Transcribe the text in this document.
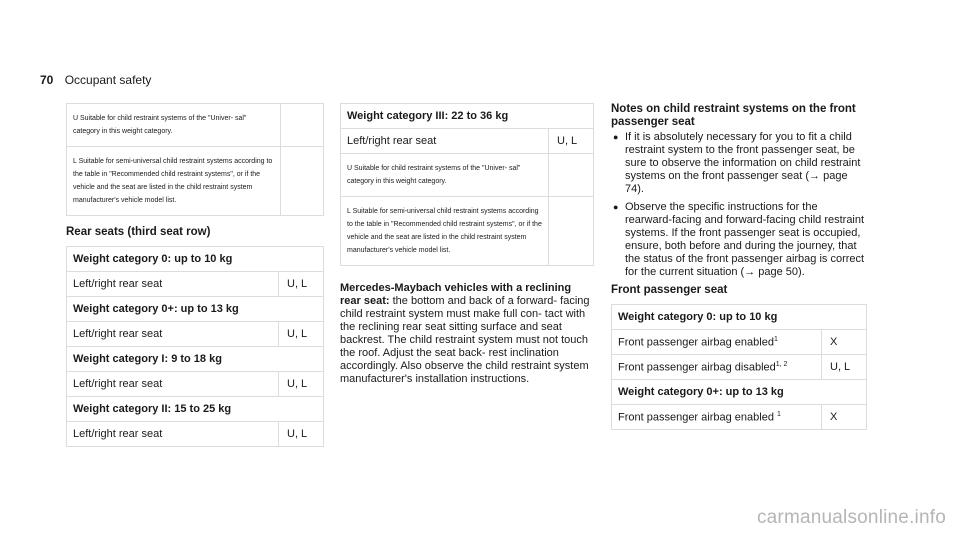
70 Occupant safety
U Suitable for child restraint systems of the "Univer- sal" category in this weight category.	
L Suitable for semi-universal child restraint systems according to the table in "Recommended child restraint systems", or if the vehicle and the seat are listed in the child restraint system manufacturer's vehicle model list.	

Rear seats (third seat row)

Weight category 0: up to 10 kg	
Left/right rear seat	U, L
Weight category 0+: up to 13 kg	
Left/right rear seat	U, L
Weight category I: 9 to 18 kg	
Left/right rear seat	U, L
Weight category II: 15 to 25 kg	
Left/right rear seat	U, L
Weight category III: 22 to 36 kg	
Left/right rear seat	U, L
U Suitable for child restraint systems of the "Univer- sal" category in this weight category.	
L Suitable for semi-universal child restraint systems according to the table in "Recommended child restraint systems", or if the vehicle and the seat are listed in the child restraint system manufacturer's vehicle model list.	

Mercedes-Maybach vehicles with a reclining rear seat: the bottom and back of a forward- facing child restraint system must make full con- tact with the reclining rear seat sitting surface and seat backrest. The child restraint system must not touch the roof. Adjust the seat back- rest inclination accordingly. Also observe the child restraint system manufacturer's installation instructions.

Notes on child restraint systems on the front passenger seat

● If it is absolutely necessary for you to fit a child restraint system to the front passenger seat, be sure to observe the information on child restraint systems on the front passenger seat (→ page 74).
● Observe the specific instructions for the rearward-facing and forward-facing child restraint systems. If the front passenger seat is occupied, ensure, both before and during the journey, that the status of the front passenger airbag is correct for the current situation (→ page 50).

Front passenger seat

Weight category 0: up to 10 kg	
Front passenger airbag enabled$^1$	X
Front passenger airbag disabled$^{1, 2}$	U, L
Weight category 0+: up to 13 kg	
Front passenger airbag enabled $^1$	X
carmanualsonline.info
